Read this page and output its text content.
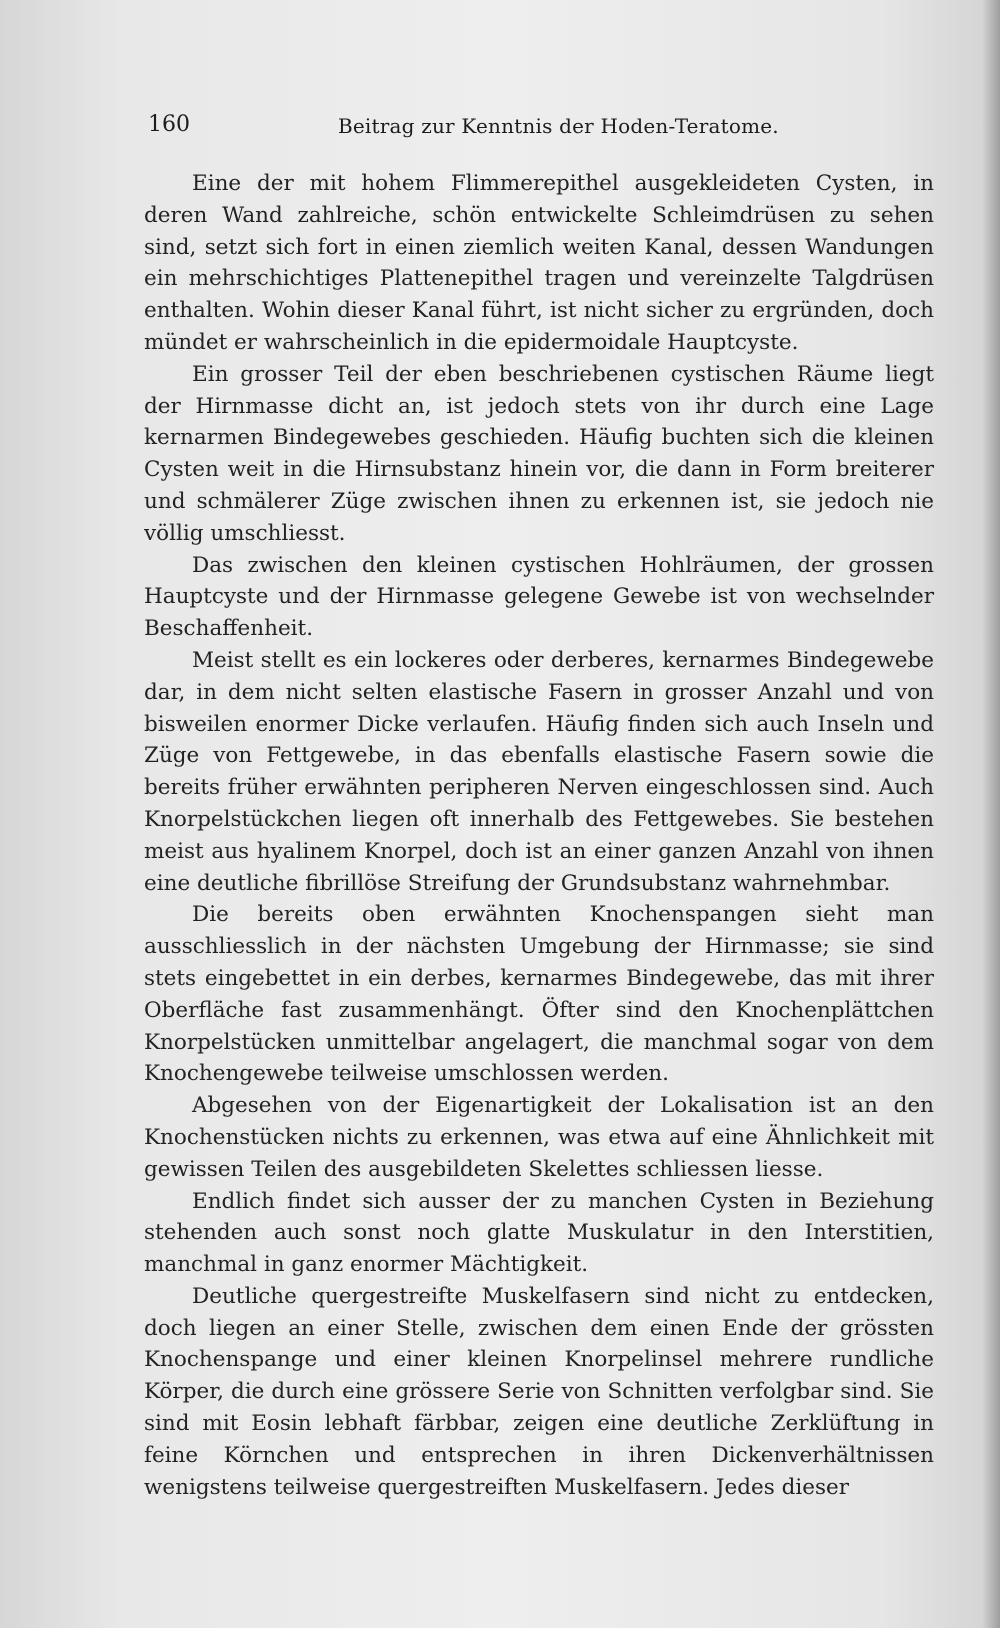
160	Beitrag zur Kenntnis der Hoden-Teratome.

Eine der mit hohem Flimmerepithel ausgekleideten Cysten, in deren Wand zahlreiche, schön entwickelte Schleimdrüsen zu sehen sind, setzt sich fort in einen ziemlich weiten Kanal, dessen Wandungen ein mehrschichtiges Plattenepithel tragen und vereinzelte Talgdrüsen enthalten. Wohin dieser Kanal führt, ist nicht sicher zu ergründen, doch mündet er wahrscheinlich in die epidermoidale Hauptcyste.

Ein grosser Teil der eben beschriebenen cystischen Räume liegt der Hirnmasse dicht an, ist jedoch stets von ihr durch eine Lage kernarmen Bindegewebes geschieden. Häufig buchten sich die kleinen Cysten weit in die Hirnsubstanz hinein vor, die dann in Form breiterer und schmälerer Züge zwischen ihnen zu erkennen ist, sie jedoch nie völlig umschliesst.

Das zwischen den kleinen cystischen Hohlräumen, der grossen Hauptcyste und der Hirnmasse gelegene Gewebe ist von wechselnder Beschaffenheit.

Meist stellt es ein lockeres oder derberes, kernarmes Bindegewebe dar, in dem nicht selten elastische Fasern in grosser Anzahl und von bisweilen enormer Dicke verlaufen. Häufig finden sich auch Inseln und Züge von Fettgewebe, in das ebenfalls elastische Fasern sowie die bereits früher erwähnten peripheren Nerven eingeschlossen sind. Auch Knorpelstückchen liegen oft innerhalb des Fettgewebes. Sie bestehen meist aus hyalinem Knorpel, doch ist an einer ganzen Anzahl von ihnen eine deutliche fibrillöse Streifung der Grundsubstanz wahrnehmbar.

Die bereits oben erwähnten Knochenspangen sieht man ausschliesslich in der nächsten Umgebung der Hirnmasse; sie sind stets eingebettet in ein derbes, kernarmes Bindegewebe, das mit ihrer Oberfläche fast zusammenhängt. Öfter sind den Knochenplättchen Knorpelstücken unmittelbar angelagert, die manchmal sogar von dem Knochengewebe teilweise umschlossen werden.

Abgesehen von der Eigenartigkeit der Lokalisation ist an den Knochenstücken nichts zu erkennen, was etwa auf eine Ähnlichkeit mit gewissen Teilen des ausgebildeten Skelettes schliessen liesse.

Endlich findet sich ausser der zu manchen Cysten in Beziehung stehenden auch sonst noch glatte Muskulatur in den Interstitien, manchmal in ganz enormer Mächtigkeit.

Deutliche quergestreifte Muskelfasern sind nicht zu entdecken, doch liegen an einer Stelle, zwischen dem einen Ende der grössten Knochenspange und einer kleinen Knorpelinsel mehrere rundliche Körper, die durch eine grössere Serie von Schnitten verfolgbar sind. Sie sind mit Eosin lebhaft färbbar, zeigen eine deutliche Zerklüftung in feine Körnchen und entsprechen in ihren Dickenverhältnissen wenigstens teilweise quergestreiften Muskelfasern. Jedes dieser
